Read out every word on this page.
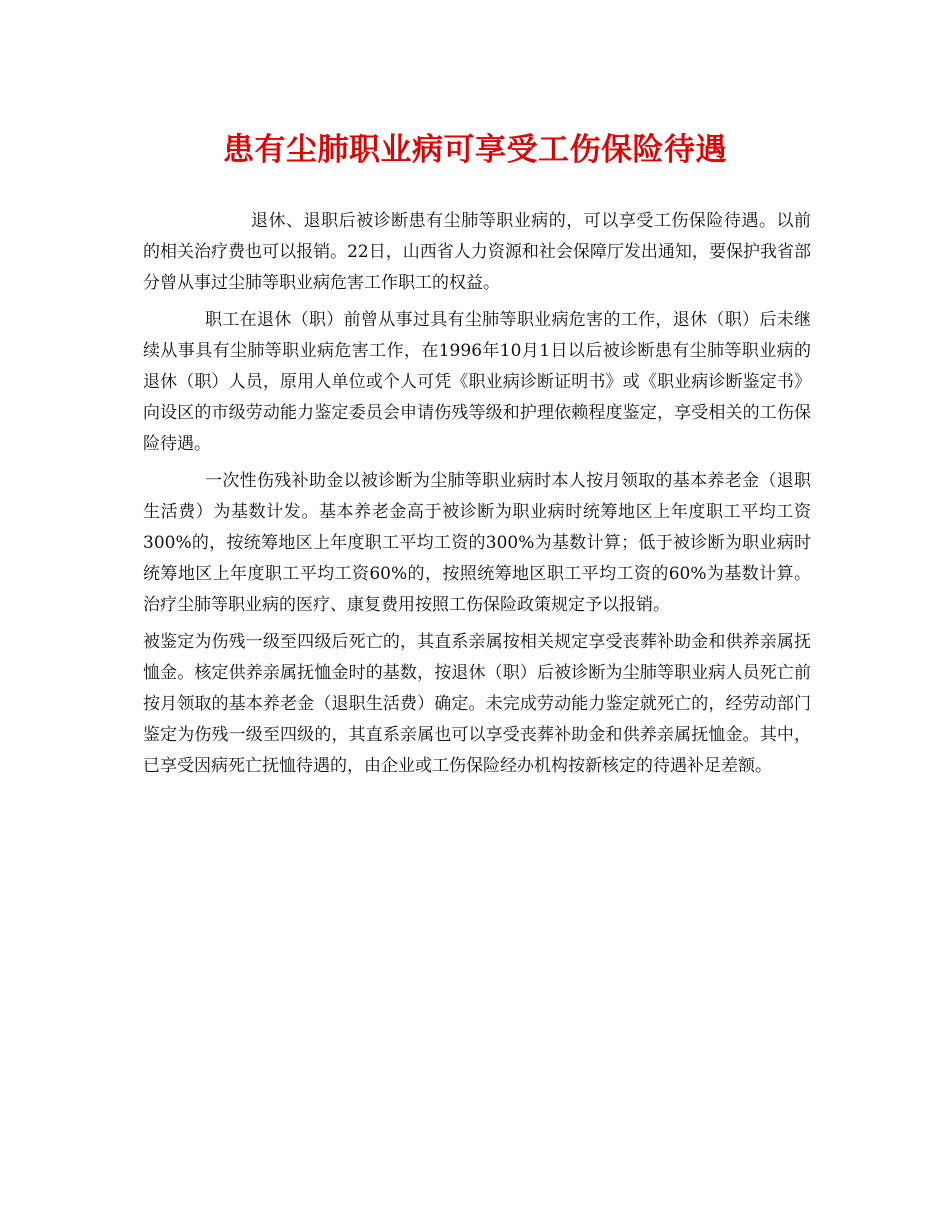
患有尘肺职业病可享受工伤保险待遇

退休、退职后被诊断患有尘肺等职业病的，可以享受工伤保险待遇。以前的相关治疗费也可以报销。22日，山西省人力资源和社会保障厅发出通知，要保护我省部分曾从事过尘肺等职业病危害工作职工的权益。

职工在退休（职）前曾从事过具有尘肺等职业病危害的工作，退休（职）后未继续从事具有尘肺等职业病危害工作，在1996年10月1日以后被诊断患有尘肺等职业病的退休（职）人员，原用人单位或个人可凭《职业病诊断证明书》或《职业病诊断鉴定书》向设区的市级劳动能力鉴定委员会申请伤残等级和护理依赖程度鉴定，享受相关的工伤保险待遇。

一次性伤残补助金以被诊断为尘肺等职业病时本人按月领取的基本养老金（退职生活费）为基数计发。基本养老金高于被诊断为职业病时统筹地区上年度职工平均工资300%的，按统筹地区上年度职工平均工资的300%为基数计算；低于被诊断为职业病时统筹地区上年度职工平均工资60%的，按照统筹地区职工平均工资的60%为基数计算。治疗尘肺等职业病的医疗、康复费用按照工伤保险政策规定予以报销。

被鉴定为伤残一级至四级后死亡的，其直系亲属按相关规定享受丧葬补助金和供养亲属抚恤金。核定供养亲属抚恤金时的基数，按退休（职）后被诊断为尘肺等职业病人员死亡前按月领取的基本养老金（退职生活费）确定。未完成劳动能力鉴定就死亡的，经劳动部门鉴定为伤残一级至四级的，其直系亲属也可以享受丧葬补助金和供养亲属抚恤金。其中，已享受因病死亡抚恤待遇的，由企业或工伤保险经办机构按新核定的待遇补足差额。
